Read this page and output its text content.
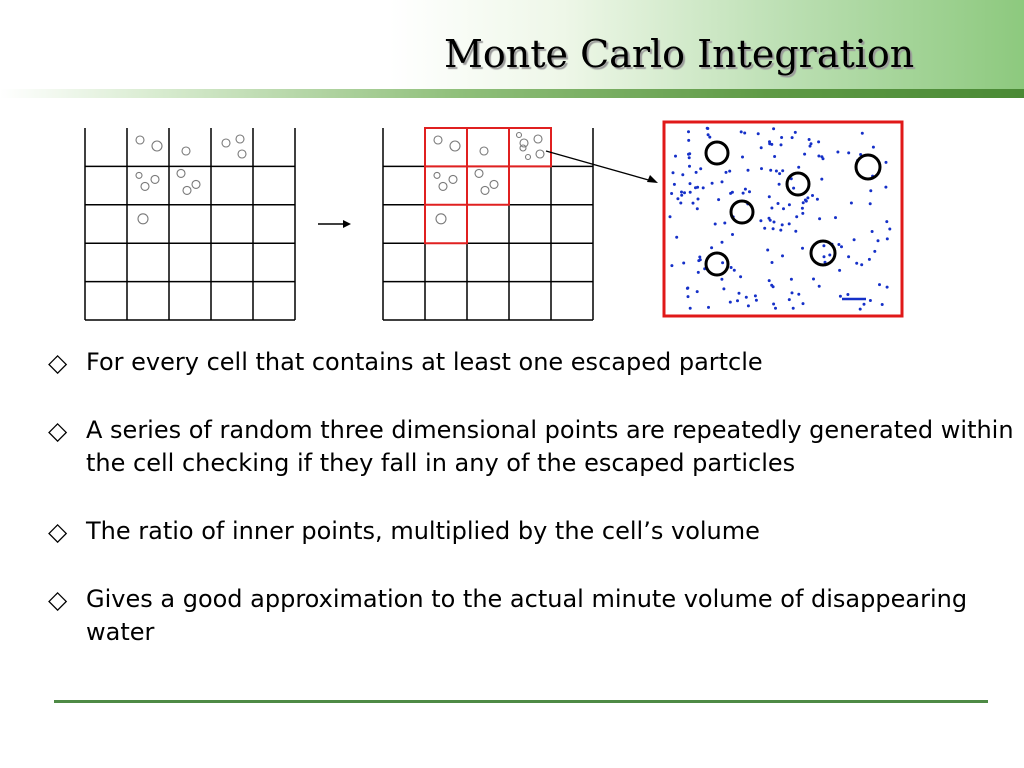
Monte Carlo Integration
◇ For every cell that contains at least one escaped partcle
◇ A series of random three dimensional points are repeatedly generated within the cell checking if they fall in any of the escaped particles
◇ The ratio of inner points, multiplied by the cell’s volume
◇ Gives a good approximation to the actual minute volume of disappearing water
